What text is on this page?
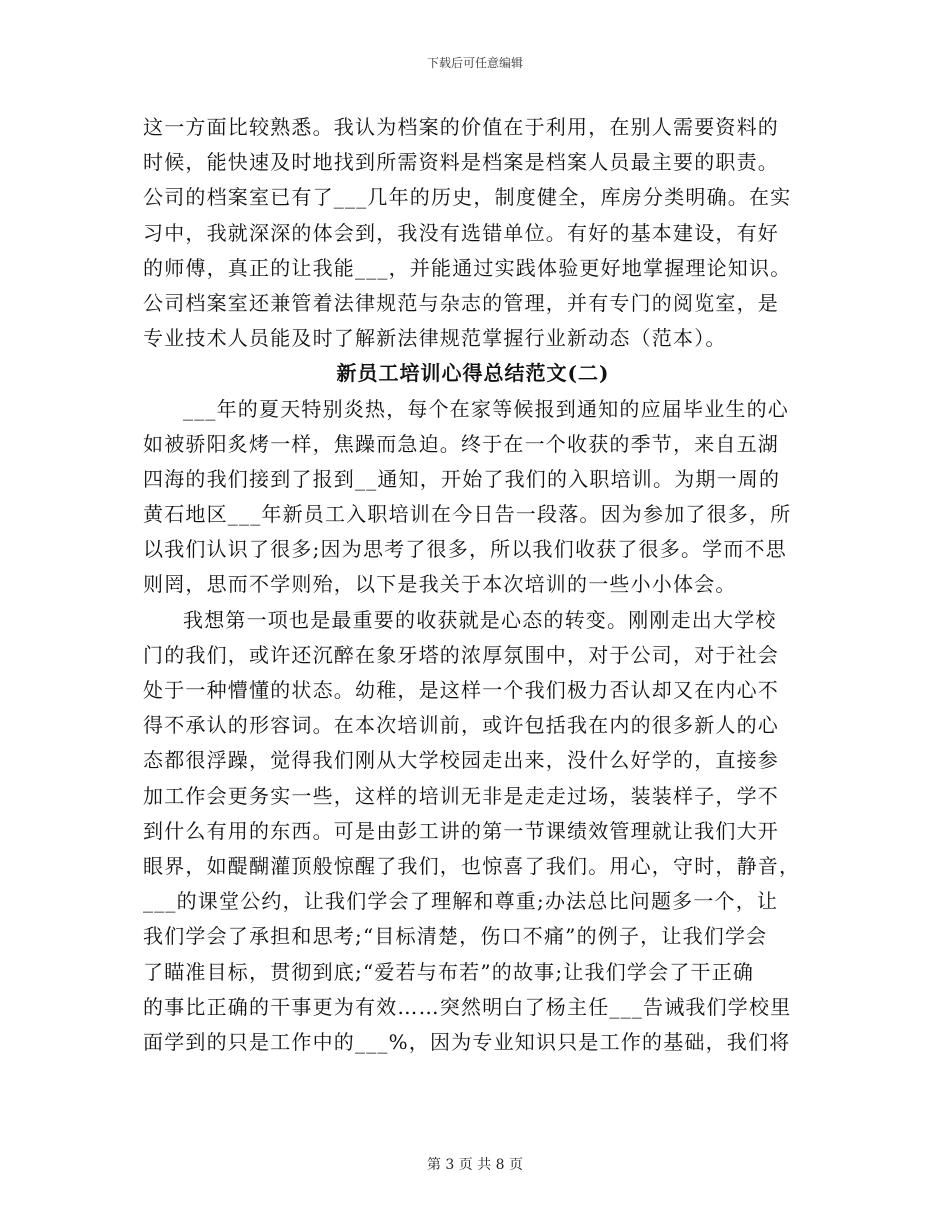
下载后可任意编辑
这一方面比较熟悉。我认为档案的价值在于利用，在别人需要资料的
时候，能快速及时地找到所需资料是档案是档案人员最主要的职责。
公司的档案室已有了___几年的历史，制度健全，库房分类明确。在实
习中，我就深深的体会到，我没有选错单位。有好的基本建设，有好
的师傅，真正的让我能___，并能通过实践体验更好地掌握理论知识。
公司档案室还兼管着法律规范与杂志的管理，并有专门的阅览室，是
专业技术人员能及时了解新法律规范掌握行业新动态（范本）。
新员工培训心得总结范文(二)
___年的夏天特别炎热，每个在家等候报到通知的应届毕业生的心
如被骄阳炙烤一样，焦躁而急迫。终于在一个收获的季节，来自五湖
四海的我们接到了报到__通知，开始了我们的入职培训。为期一周的
黄石地区___年新员工入职培训在今日告一段落。因为参加了很多，所
以我们认识了很多;因为思考了很多，所以我们收获了很多。学而不思
则罔，思而不学则殆，以下是我关于本次培训的一些小小体会。
我想第一项也是最重要的收获就是心态的转变。刚刚走出大学校
门的我们，或许还沉醉在象牙塔的浓厚氛围中，对于公司，对于社会
处于一种懵懂的状态。幼稚，是这样一个我们极力否认却又在内心不
得不承认的形容词。在本次培训前，或许包括我在内的很多新人的心
态都很浮躁，觉得我们刚从大学校园走出来，没什么好学的，直接参
加工作会更务实一些，这样的培训无非是走走过场，装装样子，学不
到什么有用的东西。可是由彭工讲的第一节课绩效管理就让我们大开
眼界，如醍醐灌顶般惊醒了我们，也惊喜了我们。用心，守时，静音，
___的课堂公约，让我们学会了理解和尊重;办法总比问题多一个，让
我们学会了承担和思考;“目标清楚，伤口不痛”的例子，让我们学会
了瞄准目标，贯彻到底;“爱若与布若”的故事;让我们学会了干正确
的事比正确的干事更为有效……突然明白了杨主任___告诫我们学校里
面学到的只是工作中的___%，因为专业知识只是工作的基础，我们将
第 3 页 共 8 页
